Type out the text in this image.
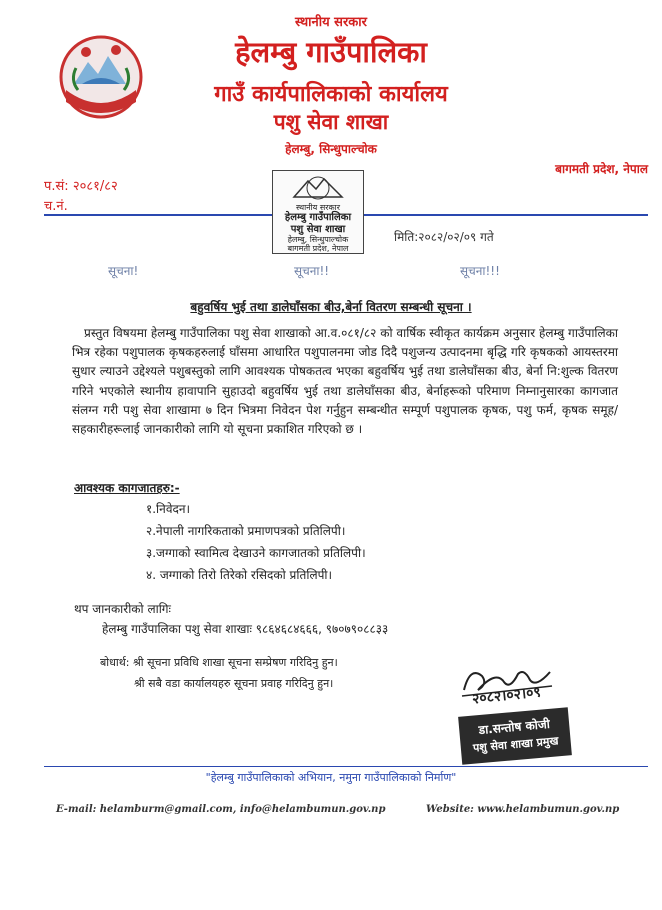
स्थानीय सरकार
हेलम्बु गाउँपालिका
गाउँ कार्यपालिकाको कार्यालय
पशु सेवा शाखा
हेलम्बु, सिन्धुपाल्चोक
बागमती प्रदेश, नेपाल
प.सं: २०८१/८२
च.नं.	स्थानीय सरकार
हेलम्बु गाउँपालिका
पशु सेवा शाखा
हेलम्बु, सिन्धुपाल्चोक
बागमती प्रदेश, नेपाल
मिति:२०८२/०२/०९ गते
सूचना!	सूचना!!	सूचना!!!
बहुवर्षिय भुई तथा डालेघाँसका बीउ,बेर्ना वितरण सम्बन्धी सूचना ।

प्रस्तुत विषयमा हेलम्बु गाउँपालिका पशु सेवा शाखाको आ.व.०८१/८२ को वार्षिक स्वीकृत कार्यक्रम अनुसार हेलम्बु गाउँपालिका भित्र रहेका पशुपालक कृषकहरुलाई घाँसमा आधारित पशुपालनमा जोड दिदै पशुजन्य उत्पादनमा बृद्धि गरि कृषकको आयस्तरमा सुधार ल्याउने उद्देश्यले पशुबस्तुको लागि आवश्यक पोषकतत्व भएका बहुवर्षिय भुई तथा डालेघाँसका बीउ, बेर्ना नि:शुल्क वितरण गरिने भएकोले स्थानीय हावापानि सुहाउदो बहुवर्षिय भुई तथा डालेघाँसका बीउ, बेर्नाहरूको परिमाण निम्नानुसारका कागजात संलग्न गरी पशु सेवा शाखामा ७ दिन भित्रमा निवेदन पेश गर्नुहुन सम्बन्धीत सम्पूर्ण पशुपालक कृषक, पशु फर्म, कृषक समूह/सहकारीहरूलाई जानकारीको लागि यो सूचना प्रकाशित गरिएको छ ।

आवश्यक कागजातहरु:-
१.निवेदन।
२.नेपाली नागरिकताको प्रमाणपत्रको प्रतिलिपी।
३.जग्गाको स्वामित्व देखाउने कागजातको प्रतिलिपी।
४. जग्गाको तिरो तिरेको रसिदको प्रतिलिपी।
थप जानकारीको लागिः
हेलम्बु गाउँपालिका पशु सेवा शाखाः ९८६४६८४६६६, ९७०७९०८८३३
बोधार्थ: श्री सूचना प्रविधि शाखा सूचना सम्प्रेषण गरिदिनु हुन।
श्री सबै वडा कार्यालयहरु सूचना प्रवाह गरिदिनु हुन।
२०८२।०२।०९
डा.सन्तोष कोजी
पशु सेवा शाखा प्रमुख
"हेलम्बु गाउँपालिकाको अभियान, नमुना गाउँपालिकाको निर्माण"
E-mail: helamburm@gmail.com, info@helambumun.gov.np	Website: www.helambumun.gov.np
